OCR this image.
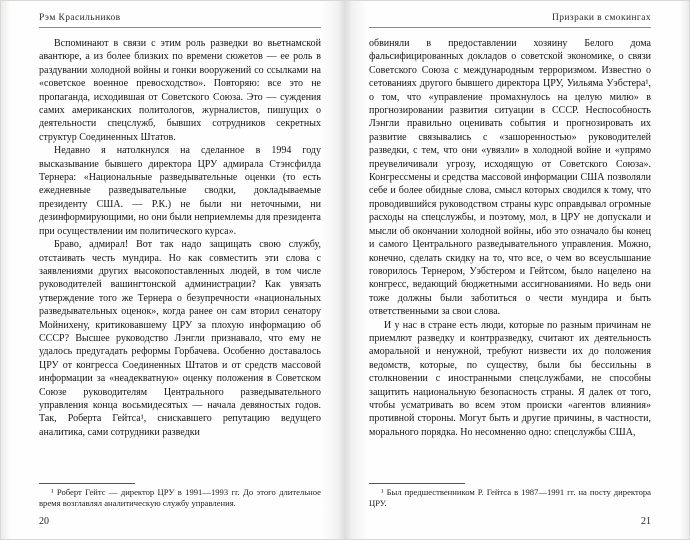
Рэм Красильников

Вспоминают в связи с этим роль разведки во вьетнамской авантюре, а из более близких по времени сюжетов — ее роль в раздувании холодной войны и гонки вооружений со ссылками на «советское военное превосходство». Повторяю: все это не пропаганда, исходившая от Советского Союза. Это — суждения самих американских политологов, журналистов, пишущих о деятельности спецслужб, бывших сотрудников секретных структур Соединенных Штатов.

Недавно я натолкнулся на сделанное в 1994 году высказывание бывшего директора ЦРУ адмирала Стэнсфилда Тернера: «Национальные разведывательные оценки (то есть ежедневные разведывательные сводки, докладываемые президенту США. — Р.К.) не были ни неточными, ни дезинформирующими, но они были неприемлемы для президента при осуществлении им политического курса».

Браво, адмирал! Вот так надо защищать свою службу, отстаивать честь мундира. Но как совместить эти слова с заявлениями других высокопоставленных людей, в том числе руководителей вашингтонской администрации? Как увязать утверждение того же Тернера о безупречности «национальных разведывательных оценок», когда ранее он сам вторил сенатору Мойнихену, критиковавшему ЦРУ за плохую информацию об СССР? Высшее руководство Лэнгли признавало, что ему не удалось предугадать реформы Горбачева. Особенно доставалось ЦРУ от конгресса Соединенных Штатов и от средств массовой информации за «неадекватную» оценку положения в Советском Союзе руководителям Центрального разведывательного управления конца восьмидесятых — начала девяностых годов. Так, Роберта Гейтса¹, снискавшего репутацию ведущего аналитика, сами сотрудники разведки

¹ Роберт Гейтс — директор ЦРУ в 1991—1993 гг. До этого длительное время возглавлял аналитическую службу управления.
20
Призраки в смокингах

обвиняли в предоставлении хозяину Белого дома фальсифицированных докладов о советской экономике, о связи Советского Союза с международным терроризмом. Известно о сетованиях другого бывшего директора ЦРУ, Уильяма Уэбстера¹, о том, что «управление промахнулось на целую милю» в прогнозировании развития ситуации в СССР. Неспособность Лэнгли правильно оценивать события и прогнозировать их развитие связывались с «зашоренностью» руководителей разведки, с тем, что они «увязли» в холодной войне и «упрямо преувеличивали угрозу, исходящую от Советского Союза». Конгрессмены и средства массовой информации США позволяли себе и более обидные слова, смысл которых сводился к тому, что проводившийся руководством страны курс оправдывал огромные расходы на спецслужбы, и поэтому, мол, в ЦРУ не допускали и мысли об окончании холодной войны, ибо это означало бы конец и самого Центрального разведывательного управления. Можно, конечно, сделать скидку на то, что все, о чем во всеуслышание говорилось Тернером, Уэбстером и Гейтсом, было нацелено на конгресс, ведающий бюджетными ассигнованиями. Но ведь они тоже должны были заботиться о чести мундира и быть ответственными за свои слова.

И у нас в стране есть люди, которые по разным причинам не приемлют разведку и контрразведку, считают их деятельность аморальной и ненужной, требуют низвести их до положения ведомств, которые, по существу, были бы бессильны в столкновении с иностранными спецслужбами, не способны защитить национальную безопасность страны. Я далек от того, чтобы усматривать во всем этом происки «агентов влияния» противной стороны. Могут быть и другие причины, в частности, морального порядка. Но несомненно одно: спецслужбы США,

¹ Был предшественником Р. Гейтса в 1987—1991 гг. на посту директора ЦРУ.
21
